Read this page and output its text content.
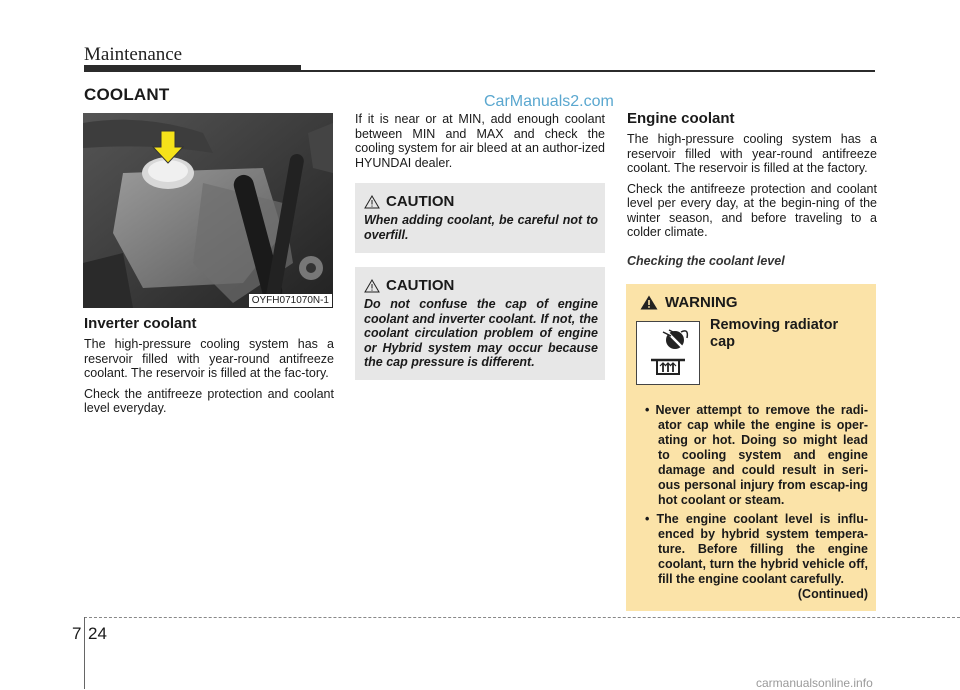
Maintenance
COOLANT	CarManuals2.com
OYFH071070N-1
Inverter coolant

The high-pressure cooling system has a reservoir filled with year-round antifreeze coolant. The reservoir is filled at the fac-tory.

Check the antifreeze protection and coolant level everyday.

If it is near or at MIN, add enough coolant between MIN and MAX and check the cooling system for air bleed at an author-ized HYUNDAI dealer.

CAUTION
When adding coolant, be careful not to overfill.
CAUTION
Do not confuse the cap of engine coolant and inverter coolant. If not, the coolant circulation problem of engine or Hybrid system may occur because the cap pressure is different.
Engine coolant

The high-pressure cooling system has a reservoir filled with year-round antifreeze coolant. The reservoir is filled at the factory.

Check the antifreeze protection and coolant level per every day, at the begin-ning of the winter season, and before traveling to a colder climate.

Checking the coolant level
WARNING
Removing radiator cap
• Never attempt to remove the radi-ator cap while the engine is oper-ating or hot. Doing so might lead to cooling system and engine damage and could result in seri-ous personal injury from escap-ing hot coolant or steam.
• The engine coolant level is influ-enced by hybrid system tempera-ture. Before filling the engine coolant, turn the hybrid vehicle off, fill the engine coolant carefully.
(Continued)
7 24
carmanualsonline.info
